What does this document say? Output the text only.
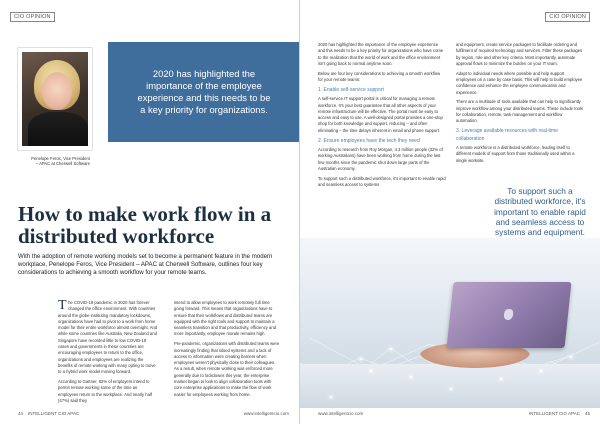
CIO OPINION
Penelope Feros, Vice President – APAC at Cherwell Software

2020 has highlighted the importance of the employee experience and this needs to be a key priority for organizations.

How to make work flow in a distributed workforce

With the adoption of remote working models set to become a permanent feature in the modern workplace, Penelope Feros, Vice President – APAC at Cherwell Software, outlines four key considerations to achieving a smooth workflow for your remote teams.

The COVID-19 pandemic in 2020 has forever changed the office environment. With countries around the globe instituting mandatory lockdowns, organizations have had to pivot to a work from home model for their entire workforce almost overnight. And while some countries like Australia, New Zealand and Singapore have recorded little to low COVID-19 cases and governments in these countries are encouraging employees to return to the office, organizations and employees are realizing the benefits of remote working with many opting to move to a hybrid work model moving forward.

According to Gartner, 82% of employers intend to permit remote working some of the time as employees return to the workplace. And nearly half (47%) said they

intend to allow employees to work remotely full time going forward. This means that organizations have to ensure that their workflows and distributed teams are equipped with the right tools and support to maintain a seamless transition and that productivity, efficiency and more importantly, employee morale remains high.

Pre-pandemic, organizations with distributed teams were increasingly finding that siloed systems and a lack of access to information were creating barriers when employees weren't physically close to their colleagues. As a result, when remote working was enforced more generally due to lockdowns this year, the enterprise market began to look to align collaboration tools with core enterprise applications to make the flow of work easier for employees working from home.

44 INTELLIGENT CIO APAC	www.intelligentcio.com
CIO OPINION

2020 has highlighted the importance of the employee experience and this needs to be a key priority for organizations who have come to the realization that the world of work and the office environment isn't going back to normal anytime soon.

Below are four key considerations to achieving a smooth workflow for your remote teams:

1. Enable self-service support

A self-service IT support portal is critical for managing a remote workforce. It's your best guarantee that all other aspects of your remote infrastructure will be effective. The portal must be easy to access and easy to use. A well-designed portal provides a one-stop shop for both knowledge and support, reducing – and often eliminating – the time delays inherent in email and phone support.

2. Ensure employees have the tech they need

According to research from Roy Morgan, 4.3 million people (32% of working Australians) have been working from home during the last few months since the pandemic shut down large parts of the Australian economy.

To support such a distributed workforce, it's important to enable rapid and seamless access to systems

and equipment, create service packages to facilitate ordering and fulfilment of required technology and services. Filter these packages by region, role and other key criteria. Most importantly, automate approval flows to minimize the burden on your IT team.

Adapt to individual needs where possible and help support employees on a case by case basis. This will help to build employee confidence and enhance the employee communication and experience.

There are a multitude of tools available that can help to significantly improve workflow among your distributed teams. These include tools for collaboration, remote, task management and workflow automation.

3. Leverage available resources with real-time collaboration

A remote workforce is a distributed workforce, leading itself to different models of support from those traditionally used within a single worksite.

To support such a distributed workforce, it's important to enable rapid and seamless access to systems and equipment.
www.intelligentcio.com	INTELLIGENT CIO APAC 45
